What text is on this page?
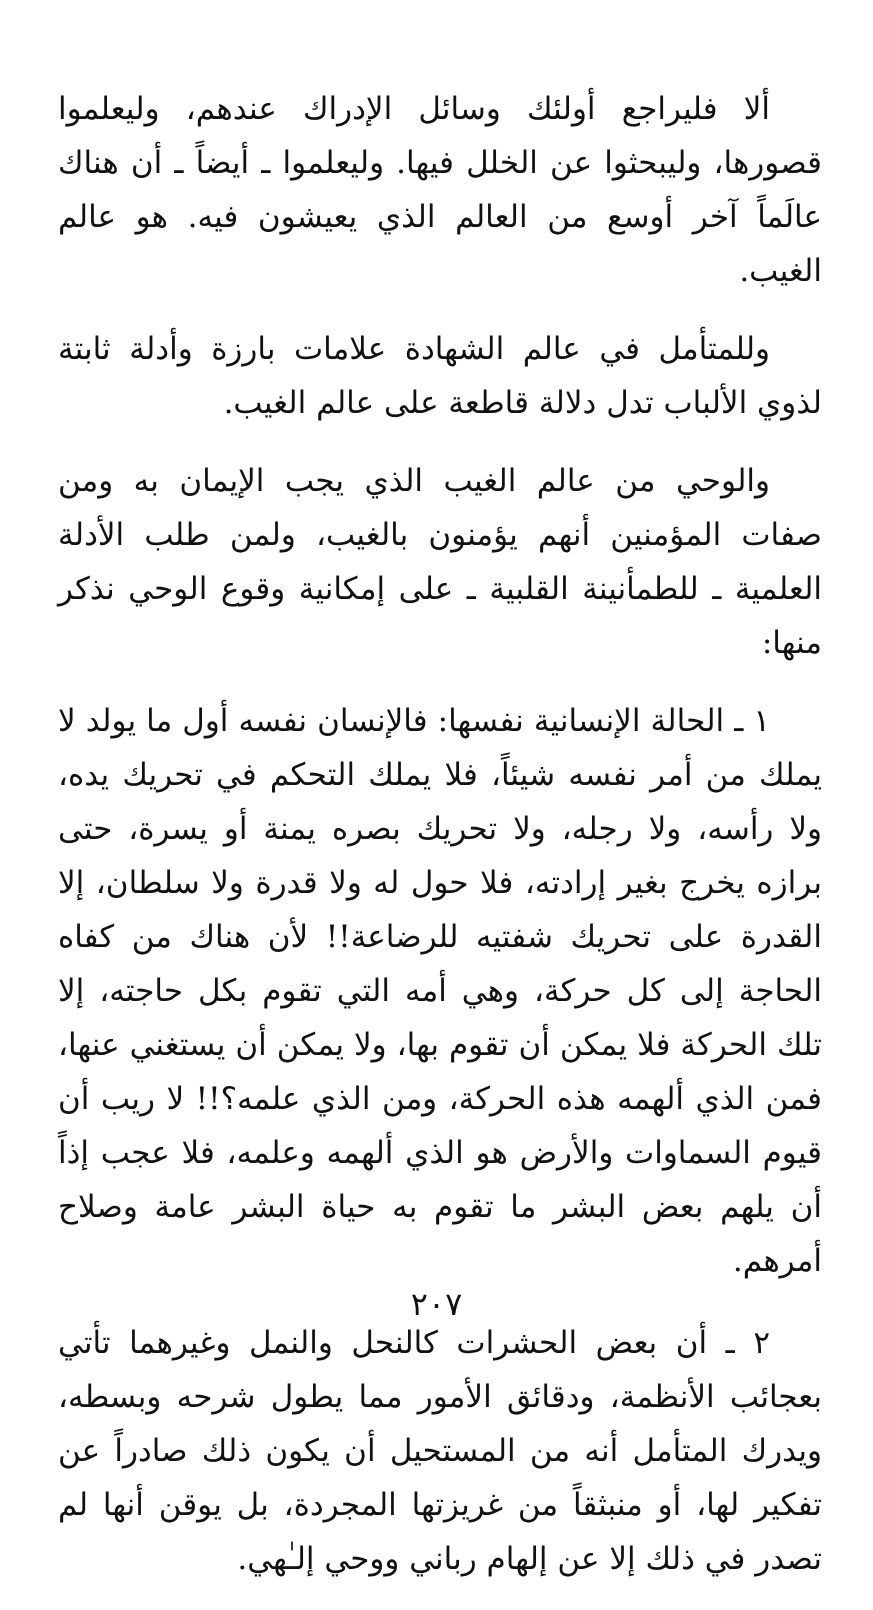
ألا فليراجع أولئك وسائل الإدراك عندهم، وليعلموا قصورها، وليبحثوا عن الخلل فيها. وليعلموا ـ أيضاً ـ أن هناك عالَماً آخر أوسع من العالم الذي يعيشون فيه. هو عالم الغيب.

وللمتأمل في عالم الشهادة علامات بارزة وأدلة ثابتة لذوي الألباب تدل دلالة قاطعة على عالم الغيب.

والوحي من عالم الغيب الذي يجب الإيمان به ومن صفات المؤمنين أنهم يؤمنون بالغيب، ولمن طلب الأدلة العلمية ـ للطمأنينة القلبية ـ على إمكانية وقوع الوحي نذكر منها:

١ ـ الحالة الإنسانية نفسها: فالإنسان نفسه أول ما يولد لا يملك من أمر نفسه شيئاً، فلا يملك التحكم في تحريك يده، ولا رأسه، ولا رجله، ولا تحريك بصره يمنة أو يسرة، حتى برازه يخرج بغير إرادته، فلا حول له ولا قدرة ولا سلطان، إلا القدرة على تحريك شفتيه للرضاعة!! لأن هناك من كفاه الحاجة إلى كل حركة، وهي أمه التي تقوم بكل حاجته، إلا تلك الحركة فلا يمكن أن تقوم بها، ولا يمكن أن يستغني عنها، فمن الذي ألهمه هذه الحركة، ومن الذي علمه؟!! لا ريب أن قيوم السماوات والأرض هو الذي ألهمه وعلمه، فلا عجب إذاً أن يلهم بعض البشر ما تقوم به حياة البشر عامة وصلاح أمرهم.

٢ ـ أن بعض الحشرات كالنحل والنمل وغيرهما تأتي بعجائب الأنظمة، ودقائق الأمور مما يطول شرحه وبسطه، ويدرك المتأمل أنه من المستحيل أن يكون ذلك صادراً عن تفكير لها، أو منبثقاً من غريزتها المجردة، بل يوقن أنها لم تصدر في ذلك إلا عن إلهام رباني ووحي إلـٰهي.

٢٠٧
